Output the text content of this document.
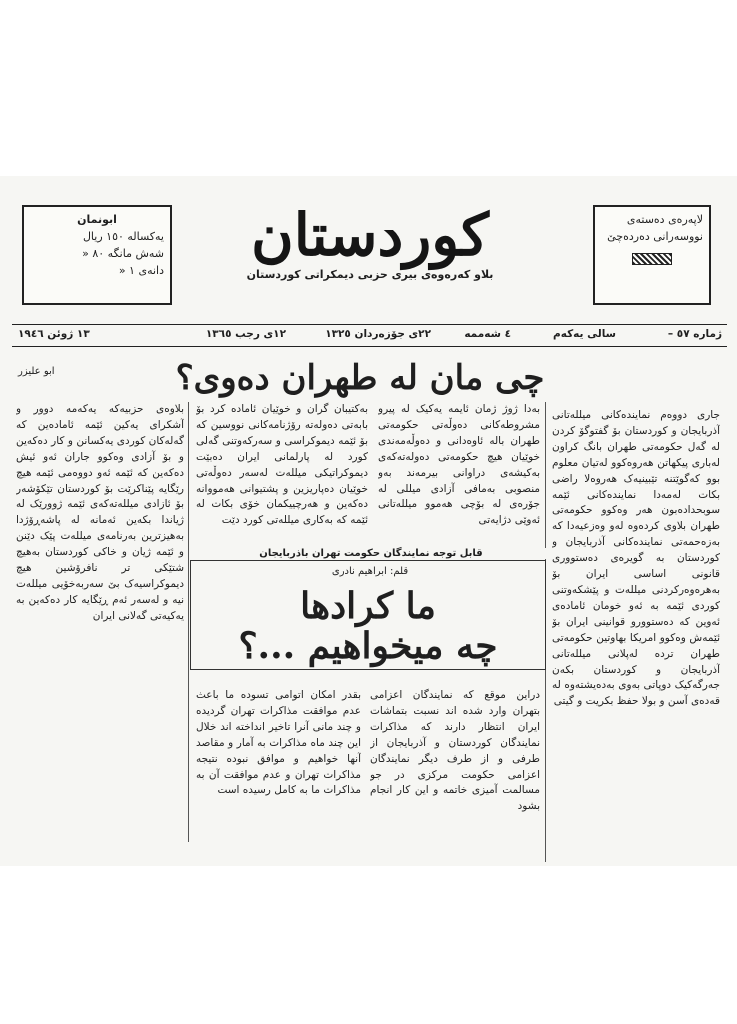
ابونمان
یەکسالە ١٥٠ ریال
شەش مانگە ٨٠ «
دانەی ١ «
لاپەرەی دەستەی
نووسەرانی دەردەچێ
کوردستان
بلاو کەرەوەی بیری حزبی دیمکراتی کوردستان
ژمارە ٥٧ –
سالی یەکەم
٤ شەممە
٢٢ی جۆزەردان ١٣٢٥
١٢ی رجب ١٣٦٥
١٣ ژوئن ١٩٤٦
چی مان لە طهران دەوی؟
ابو علیزر

جاری دووەم نمایندەکانی میللەتانی آذربایجان و کوردستان بۆ گفتوگۆ کردن لە گەل حکومەتی طهران بانگ کراون لەباری پیکهاتن هەروەکوو لەتیان معلوم بوو کەگوێتنە تێبینیەک هەروەلا راضی بکات لەمەدا نمایندەکانی ئێمە سوبحدادەبون هەر وەکوو حکومەتی طهران بلاوی کردەوە لەو وەزعیەدا کە بەزەحمەتی نمایندەکانی آذربایجان و کوردستان بە گویرەی دەستووری قانونی اساسی ایران بۆ بەهرەوەرکردنی میللەت و پێشکەوتنی کوردی ئێمە بە ئەو خومان ئامادەی ئەوین کە دەستوورو قوانینی ایران بۆ ئێمەش وەکوو امریکا بهاوتین حکومەتی طهران تردە لەپلانی میللەتانی آذربایجان و کوردستان بکەن جەرگەکیک دوپاتی بەوی بەدەیشتەوە لە قەدەی آسن و بولا حفظ بکریت و گیتی

بەدا ژوژ ژمان ئایمە یەکیک لە پیرو مشروطەکانی دەوڵەتی حکومەتی طهران بالە ئاوەدانی و دەوڵەمەندی خوێیان هیچ حکومەتی دەولەتەکەی بەکیشەی دراوانی بیرمەند بەو منصوبی بەمافی آزادی میللی لە جۆرەی لە بۆچی هەموو میللەتانی ئەوێی دژایەتی

بەکتیبان گران و خوێیان ئامادە کرد بۆ بابەتی دەولەتە رۆژنامەکانی نووسین کە بۆ ئێمە دیموکراسی و سەرکەوتنی گەلی کورد لە پارلمانی ایران دەبێت دیموکراتیکی میللەت لەسەر دەوڵەتی خوێیان دەپاریزین و پشتیوانی هەمووانە دەکەین و هەرچییکمان خۆی بکات لە ئێمە کە بەکاری میللەتی کورد دێت

بلاوەی حزبیەکە یەکەمە دوور و آشکرای یەکین ئێمە ئامادەین کە گەلەکان کوردی یەکسانن و کار دەکەین و بۆ آزادی وەکوو جاران ئەو ئیش دەکەین کە ئێمە ئەو دووەمی ئێمە هیچ رێگایە پێناکرێت بۆ کوردستان تێکۆشەر بۆ ئازادی میللەتەکەی ئێمە ژوورێک لە ژیاندا بکەین ئەمانە لە پاشەڕۆژدا بەهیزترین بەرنامەی میللەت پێک دێنن و ئێمە ژیان و خاکی کوردستان بەهیچ شتێکی تر نافرۆشین هیچ دیموکراسیەک بێ سەربەخۆیی میللەت نیە و لەسەر ئەم ڕێگایە کار دەکەین بە یەکیەتی گەلانی ایران

قابل توجه نمایندگان حکومت تهران باذربایجان
قلم: ابراهیم نادری
ما کرادها
چه میخواهیم ...؟

دراین موقع که نمایندگان اعزامی بتهران وارد شده اند نسبت بتماشات ایران انتظار دارند که مذاکرات نمایندگان کوردستان و آذربایجان از طرفی و از طرف دیگر نمایندگان اعزامی حکومت مرکزی در جو مسالمت آمیزی خاتمه و این کار انجام بشود

بقدر امکان اتوامی تسوده ما باعث عدم موافقت مذاکرات تهران گردیده و چند مانی آنرا تاخیر انداخته اند خلال این چند ماه مذاکرات بە آمار و مقاصد آنها خواهیم و موافق نبوده نتیجه مذاکرات تهران و عدم موافقت آن بە مذاکرات ما بە کامل رسیده است
